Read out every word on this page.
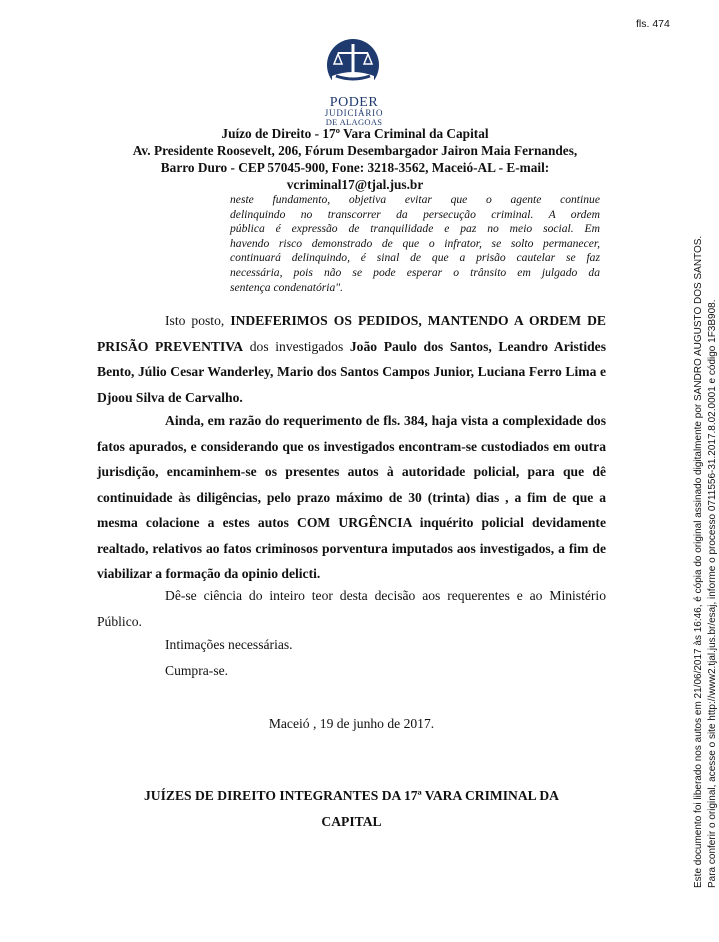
fls. 474
PODER
JUDICIÁRIO
DE ALAGOAS
Juízo de Direito - 17º Vara Criminal da Capital
Av. Presidente Roosevelt, 206, Fórum Desembargador Jairon Maia Fernandes,
Barro Duro - CEP 57045-900, Fone: 3218-3562, Maceió-AL - E-mail:
vcriminal17@tjal.jus.br
neste fundamento, objetiva evitar que o agente continue
delinquindo no transcorrer da persecução criminal. A ordem
pública é expressão de tranquilidade e paz no meio social. Em
havendo risco demonstrado de que o infrator, se solto permanecer,
continuará delinquindo, é sinal de que a prisão cautelar se faz
necessária, pois não se pode esperar o trânsito em julgado da
sentença condenatória".
Isto posto, INDEFERIMOS OS PEDIDOS, MANTENDO A ORDEM DE PRISÃO PREVENTIVA dos investigados João Paulo dos Santos, Leandro Aristides Bento, Júlio Cesar Wanderley, Mario dos Santos Campos Junior, Luciana Ferro Lima e Djoou Silva de Carvalho.
Ainda, em razão do requerimento de fls. 384, haja vista a complexidade dos fatos apurados, e considerando que os investigados encontram-se custodiados em outra jurisdição, encaminhem-se os presentes autos à autoridade policial, para que dê continuidade às diligências, pelo prazo máximo de 30 (trinta) dias , a fim de que a mesma colacione a estes autos COM URGÊNCIA inquérito policial devidamente realtado, relativos ao fatos criminosos porventura imputados aos investigados, a fim de viabilizar a formação da opinio delicti.
Dê-se ciência do inteiro teor desta decisão aos requerentes e ao Ministério Público.
Intimações necessárias.
Cumpra-se.
Maceió , 19 de junho de 2017.
JUÍZES DE DIREITO INTEGRANTES DA 17ª VARA CRIMINAL DA
CAPITAL	Este documento foi liberado nos autos em 21/06/2017 às 16:46, é cópia do original assinado digitalmente por SANDRO AUGUSTO DOS SANTOS. Para conferir o original, acesse o site http://www2.tjal.jus.br/esaj, informe o processo 0711556-31.2017.8.02.0001 e código 1F3B908.
